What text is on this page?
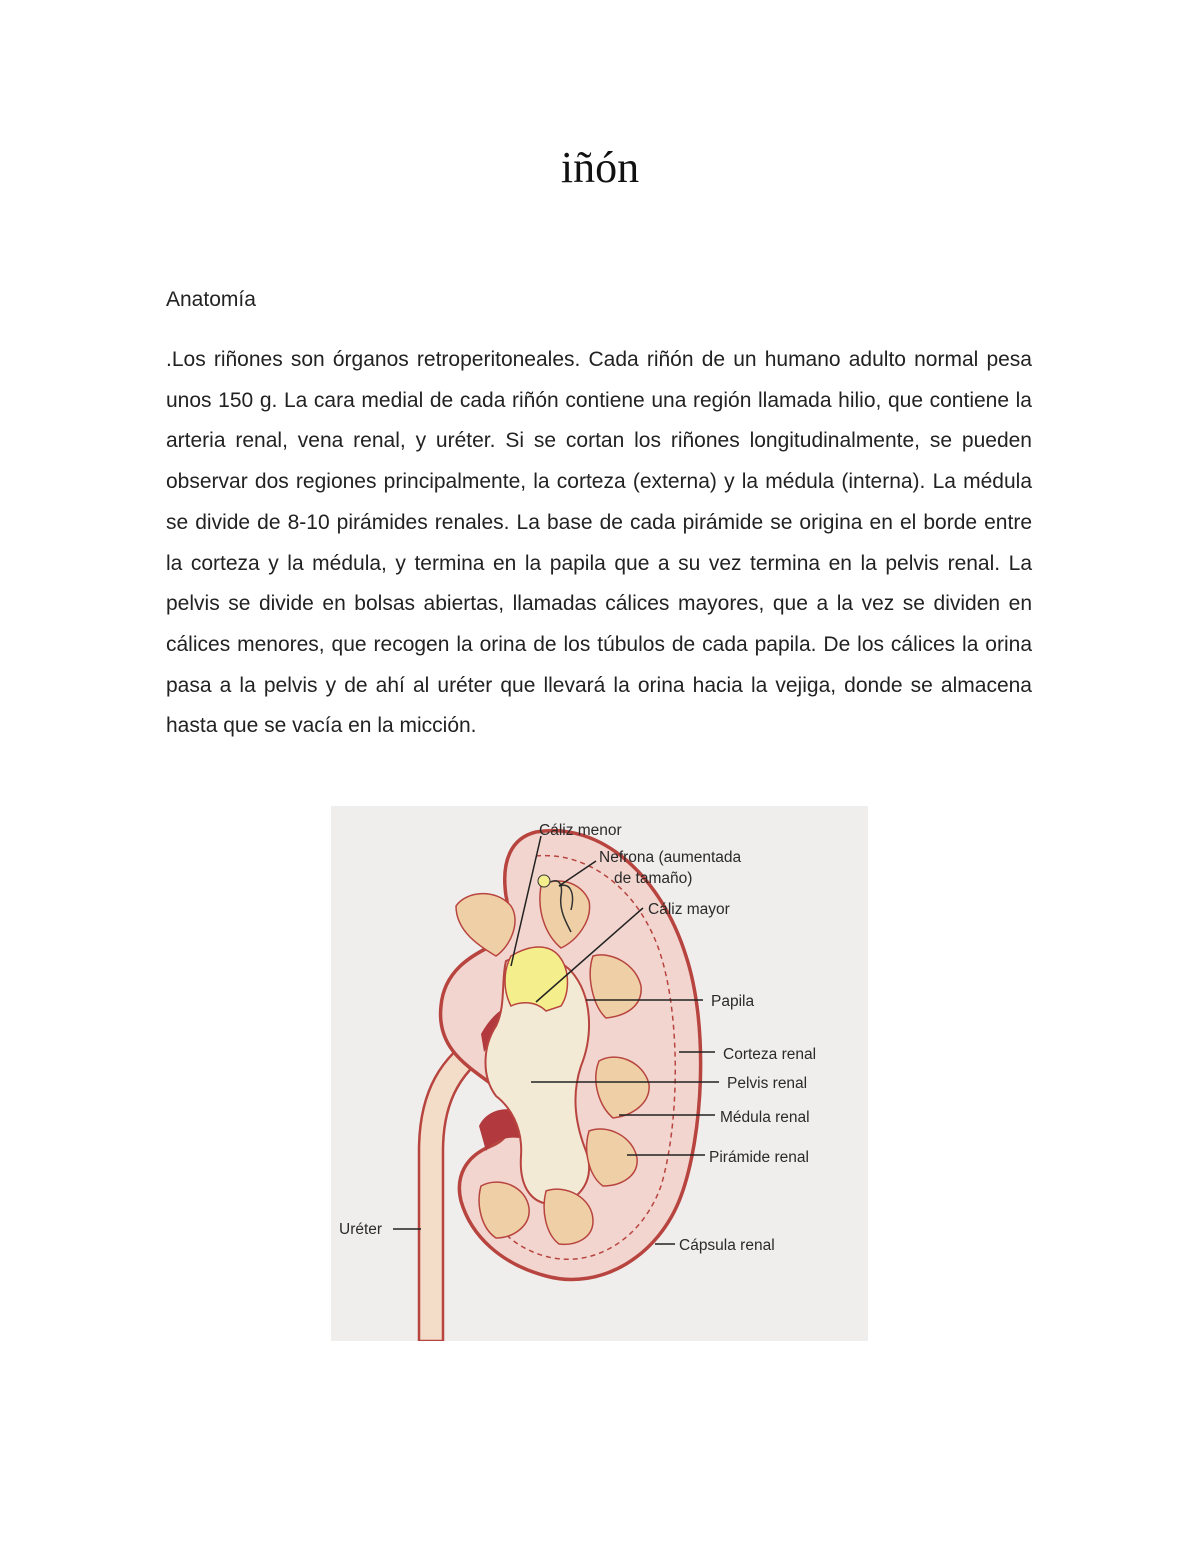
iñón
Anatomía

.Los riñones son órganos retroperitoneales. Cada riñón de un humano adulto normal pesa unos 150 g. La cara medial de cada riñón contiene una región llamada hilio, que contiene la arteria renal, vena renal, y uréter. Si se cortan los riñones longitudinalmente, se pueden observar dos regiones principalmente, la corteza (externa) y la médula (interna). La médula se divide de 8-10 pirámides renales. La base de cada pirámide se origina en el borde entre la corteza y la médula, y termina en la papila que a su vez termina en la pelvis renal. La pelvis se divide en bolsas abiertas, llamadas cálices mayores, que a la vez se dividen en cálices menores, que recogen la orina de los túbulos de cada papila. De los cálices la orina pasa a la pelvis y de ahí al uréter que llevará la orina hacia la vejiga, donde se almacena hasta que se vacía en la micción.

Cáliz menor
Nefrona (aumentada
de tamaño)
Cáliz mayor
Papila
Corteza renal
Pelvis renal
Médula renal
Pirámide renal
Uréter
Cápsula renal
